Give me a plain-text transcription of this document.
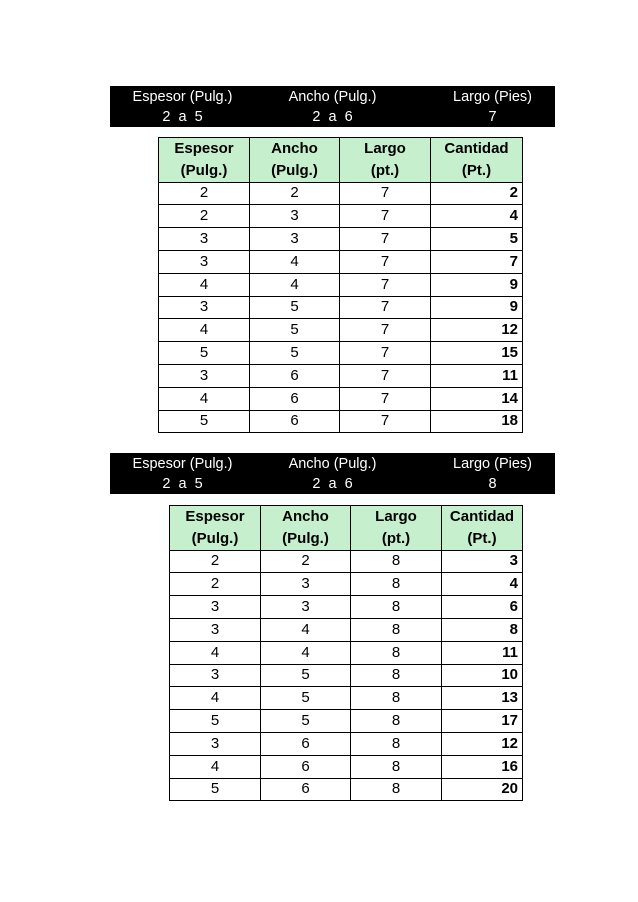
Espesor (Pulg.)	Ancho (Pulg.)	Largo (Pies)
2  a  5	2  a  6	7
Espesor	Ancho	Largo	Cantidad
(Pulg.)	(Pulg.)	(pt.)	(Pt.)
2	2	7	2
2	3	7	4
3	3	7	5
3	4	7	7
4	4	7	9
3	5	7	9
4	5	7	12
5	5	7	15
3	6	7	11
4	6	7	14
5	6	7	18
Espesor (Pulg.)	Ancho (Pulg.)	Largo (Pies)
2  a  5	2  a  6	8
Espesor	Ancho	Largo	Cantidad
(Pulg.)	(Pulg.)	(pt.)	(Pt.)
2	2	8	3
2	3	8	4
3	3	8	6
3	4	8	8
4	4	8	11
3	5	8	10
4	5	8	13
5	5	8	17
3	6	8	12
4	6	8	16
5	6	8	20
